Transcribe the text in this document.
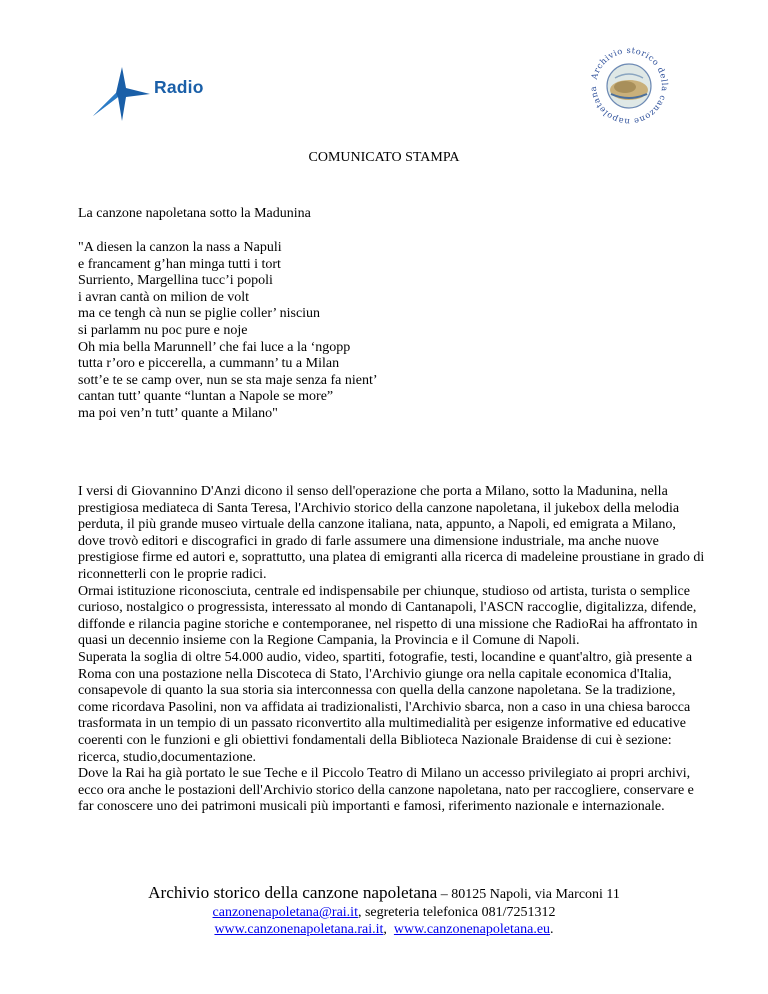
Radio
Archivio storico della canzone napoletana
COMUNICATO STAMPA
La canzone napoletana sotto la Madunina
"A diesen la canzon la nass a Napuli
e francament g’han minga tutti i tort
Surriento, Margellina tucc’i popoli
i avran cantà on milion de volt
ma ce tengh cà nun se piglie coller’ nisciun
si parlamm nu poc pure e noje
Oh mia bella Marunnell’ che fai luce a la ‘ngopp
tutta r’oro e piccerella, a cummann’ tu a Milan
sott’e te se camp over, nun se sta maje senza fa nient’
cantan tutt’ quante “luntan a Napole se more”
ma poi ven’n tutt’ quante a Milano"

I versi di Giovannino D'Anzi dicono il senso dell'operazione che porta a Milano, sotto la Madunina, nella prestigiosa mediateca di Santa Teresa, l'Archivio storico della canzone napoletana, il jukebox della melodia perduta, il più grande museo virtuale della canzone italiana, nata, appunto, a Napoli, ed emigrata a Milano, dove trovò editori e discografici in grado di farle assumere una dimensione industriale, ma anche nuove prestigiose firme ed autori e, soprattutto, una platea di emigranti alla ricerca di madeleine proustiane in grado di riconnetterli con le proprie radici.

Ormai istituzione riconosciuta, centrale ed indispensabile per chiunque, studioso od artista, turista o semplice curioso, nostalgico o progressista, interessato al mondo di Cantanapoli, l'ASCN raccoglie, digitalizza, difende, diffonde e rilancia pagine storiche e contemporanee, nel rispetto di una missione che RadioRai ha affrontato in quasi un decennio insieme con la Regione Campania, la Provincia e il Comune di Napoli.

Superata la soglia di oltre 54.000 audio, video, spartiti, fotografie, testi, locandine e quant'altro, già presente a Roma con una postazione nella Discoteca di Stato, l'Archivio giunge ora nella capitale economica d'Italia, consapevole di quanto la sua storia sia interconnessa con quella della canzone napoletana. Se la tradizione, come ricordava Pasolini, non va affidata ai tradizionalisti, l'Archivio sbarca, non a caso in una chiesa barocca trasformata in un tempio di un passato riconvertito alla multimedialità per esigenze informative ed educative coerenti con le funzioni e gli obiettivi fondamentali della Biblioteca Nazionale Braidense di cui è sezione: ricerca, studio,documentazione.

Dove la Rai ha già portato le sue Teche e il Piccolo Teatro di Milano un accesso privilegiato ai propri archivi, ecco ora anche le postazioni dell'Archivio storico della canzone napoletana, nato per raccogliere, conservare e far conoscere uno dei patrimoni musicali più importanti e famosi, riferimento nazionale e internazionale.

Archivio storico della canzone napoletana – 80125 Napoli, via Marconi 11
canzonenapoletana@rai.it, segreteria telefonica 081/7251312
www.canzonenapoletana.rai.it,  www.canzonenapoletana.eu.
